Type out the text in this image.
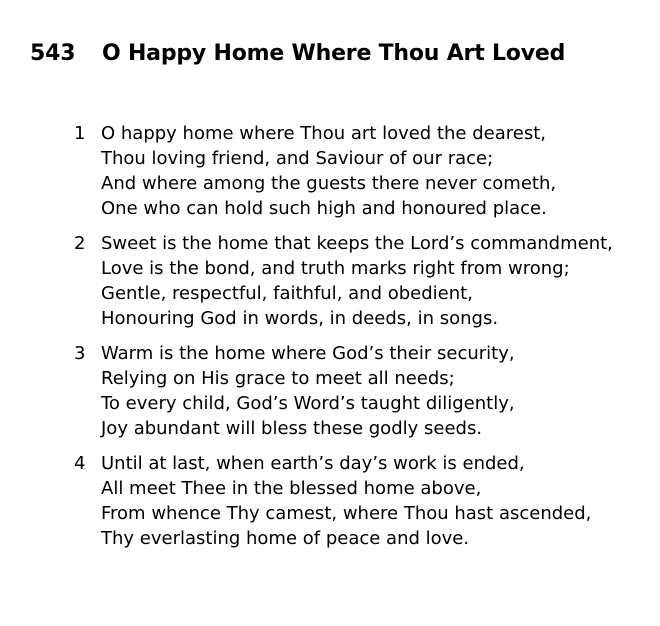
543	O Happy Home Where Thou Art Loved
1 O happy home where Thou art loved the dearest,
Thou loving friend, and Saviour of our race;
And where among the guests there never cometh,
One who can hold such high and honoured place.
2 Sweet is the home that keeps the Lord’s commandment,
Love is the bond, and truth marks right from wrong;
Gentle, respectful, faithful, and obedient,
Honouring God in words, in deeds, in songs.
3 Warm is the home where God’s their security,
Relying on His grace to meet all needs;
To every child, God’s Word’s taught diligently,
Joy abundant will bless these godly seeds.
4 Until at last, when earth’s day’s work is ended,
All meet Thee in the blessed home above,
From whence Thy camest, where Thou hast ascended,
Thy everlasting home of peace and love.
